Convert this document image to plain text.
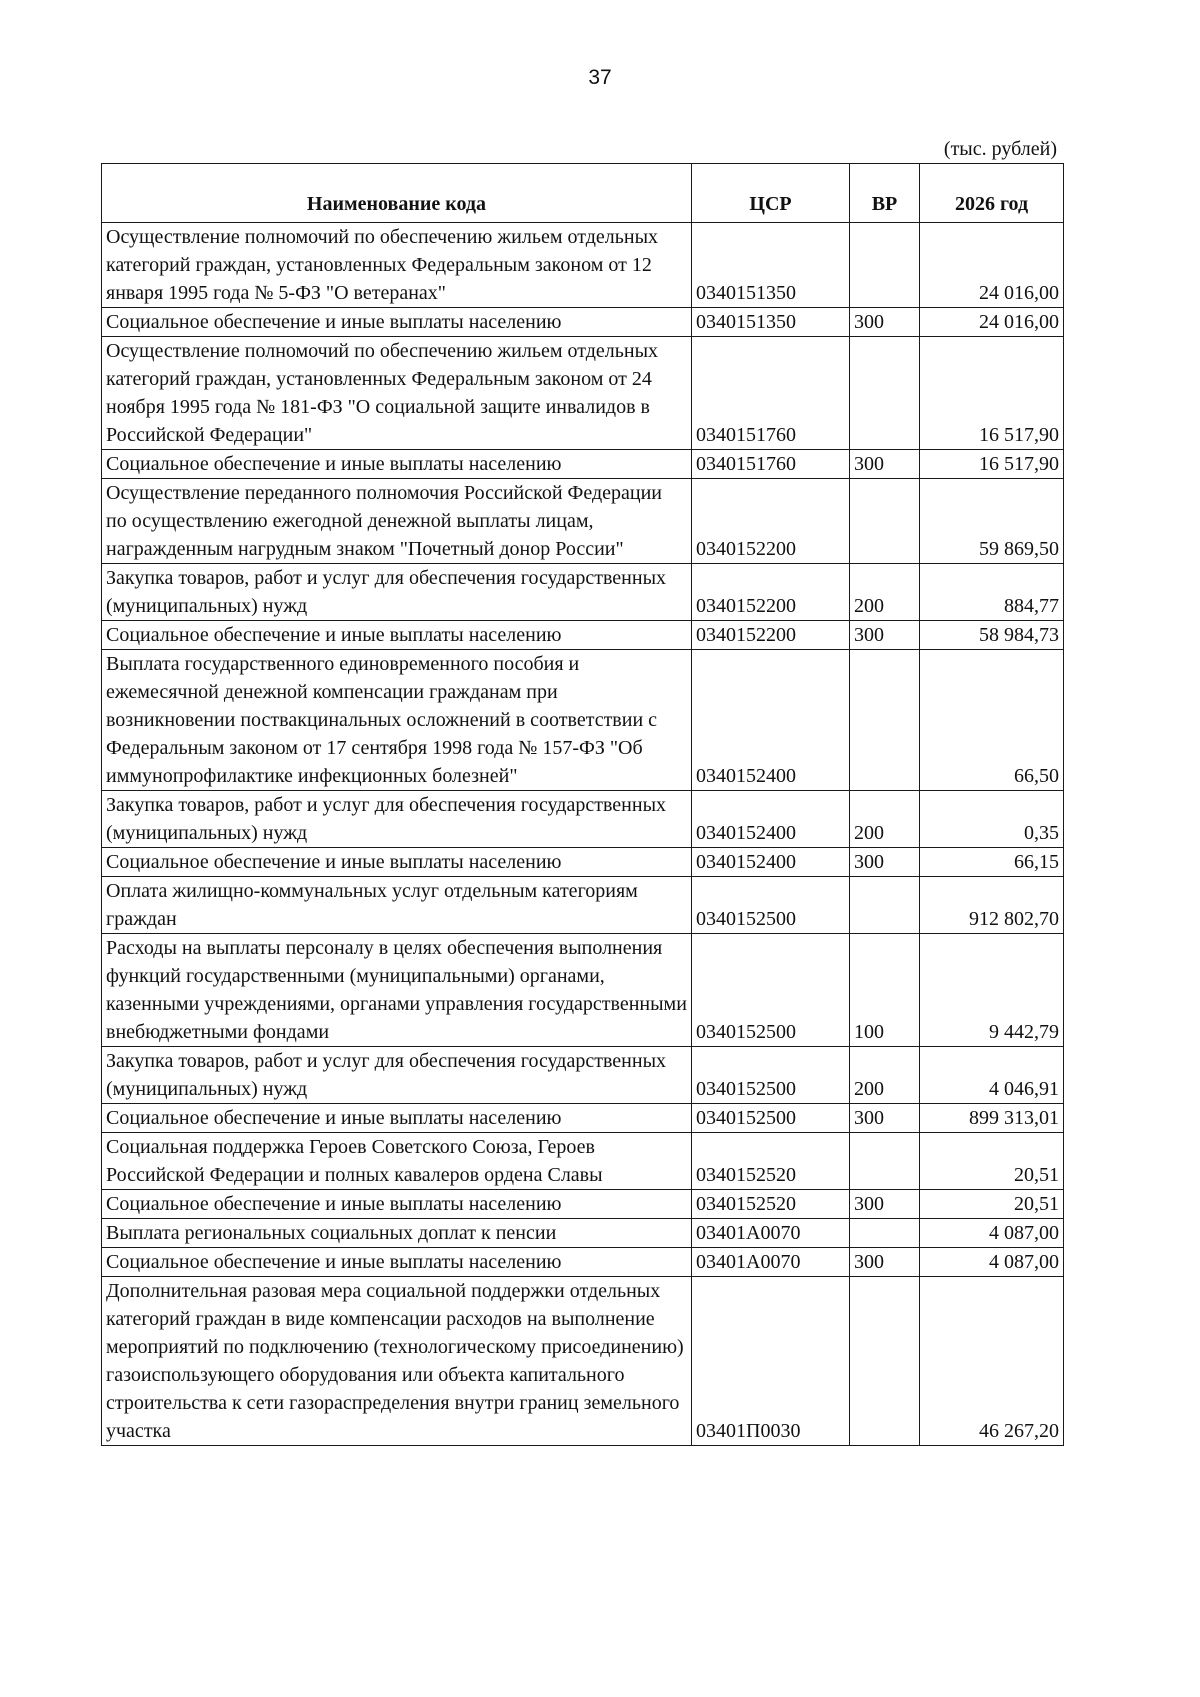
37
(тыс. рублей)
Наименование кода	ЦСР	ВР	2026 год
Осуществление полномочий по обеспечению жильем отдельных категорий граждан, установленных Федеральным законом от 12 января 1995 года № 5-ФЗ "О ветеранах"	0340151350		24 016,00
Социальное обеспечение и иные выплаты населению	0340151350	300	24 016,00
Осуществление полномочий по обеспечению жильем отдельных категорий граждан, установленных Федеральным законом от 24 ноября 1995 года № 181-ФЗ "О социальной защите инвалидов в Российской Федерации"	0340151760		16 517,90
Социальное обеспечение и иные выплаты населению	0340151760	300	16 517,90
Осуществление переданного полномочия Российской Федерации по осуществлению ежегодной денежной выплаты лицам, награжденным нагрудным знаком "Почетный донор России"	0340152200		59 869,50
Закупка товаров, работ и услуг для обеспечения государственных (муниципальных) нужд	0340152200	200	884,77
Социальное обеспечение и иные выплаты населению	0340152200	300	58 984,73
Выплата государственного единовременного пособия и ежемесячной денежной компенсации гражданам при возникновении поствакцинальных осложнений в соответствии с Федеральным законом от 17 сентября 1998 года № 157-ФЗ "Об иммунопрофилактике инфекционных болезней"	0340152400		66,50
Закупка товаров, работ и услуг для обеспечения государственных (муниципальных) нужд	0340152400	200	0,35
Социальное обеспечение и иные выплаты населению	0340152400	300	66,15
Оплата жилищно-коммунальных услуг отдельным категориям граждан	0340152500		912 802,70
Расходы на выплаты персоналу в целях обеспечения выполнения функций государственными (муниципальными) органами, казенными учреждениями, органами управления государственными внебюджетными фондами	0340152500	100	9 442,79
Закупка товаров, работ и услуг для обеспечения государственных (муниципальных) нужд	0340152500	200	4 046,91
Социальное обеспечение и иные выплаты населению	0340152500	300	899 313,01
Социальная поддержка Героев Советского Союза, Героев Российской Федерации и полных кавалеров ордена Славы	0340152520		20,51
Социальное обеспечение и иные выплаты населению	0340152520	300	20,51
Выплата региональных социальных доплат к пенсии	03401А0070		4 087,00
Социальное обеспечение и иные выплаты населению	03401А0070	300	4 087,00
Дополнительная разовая мера социальной поддержки отдельных категорий граждан в виде компенсации расходов на выполнение мероприятий по подключению (технологическому присоединению) газоиспользующего оборудования или объекта капитального строительства к сети газораспределения внутри границ земельного участка	03401П0030		46 267,20
